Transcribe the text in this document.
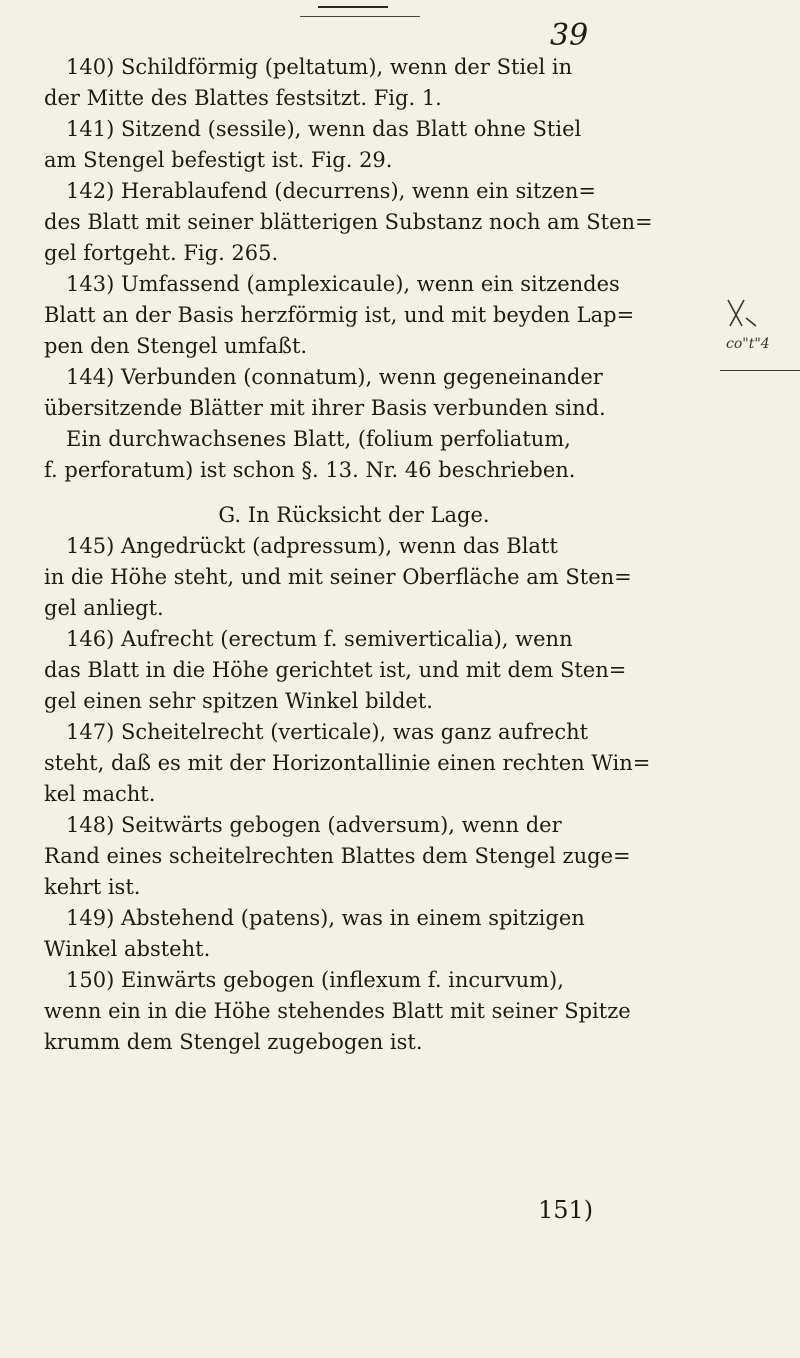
39
140) Schildförmig (peltatum), wenn der Stiel in
der Mitte des Blattes festsitzt. Fig. 1.
141) Sitzend (sessile), wenn das Blatt ohne Stiel
am Stengel befestigt ist. Fig. 29.
142) Herablaufend (decurrens), wenn ein sitzen=
des Blatt mit seiner blätterigen Substanz noch am Sten=
gel fortgeht. Fig. 265.
143) Umfassend (amplexicaule), wenn ein sitzendes
Blatt an der Basis herzförmig ist, und mit beyden Lap=
pen den Stengel umfaßt.
144) Verbunden (connatum), wenn gegeneinander
übersitzende Blätter mit ihrer Basis verbunden sind.
Ein durchwachsenes Blatt, (folium perfoliatum,
f. perforatum) ist schon §. 13. Nr. 46 beschrieben.
G. In Rücksicht der Lage.
145) Angedrückt (adpressum), wenn das Blatt
in die Höhe steht, und mit seiner Oberfläche am Sten=
gel anliegt.
146) Aufrecht (erectum f. semiverticalia), wenn
das Blatt in die Höhe gerichtet ist, und mit dem Sten=
gel einen sehr spitzen Winkel bildet.
147) Scheitelrecht (verticale), was ganz aufrecht
steht, daß es mit der Horizontallinie einen rechten Win=
kel macht.
148) Seitwärts gebogen (adversum), wenn der
Rand eines scheitelrechten Blattes dem Stengel zuge=
kehrt ist.
149) Abstehend (patens), was in einem spitzigen
Winkel absteht.
150) Einwärts gebogen (inflexum f. incurvum),
wenn ein in die Höhe stehendes Blatt mit seiner Spitze
krumm dem Stengel zugebogen ist.
co"t"4
151)
